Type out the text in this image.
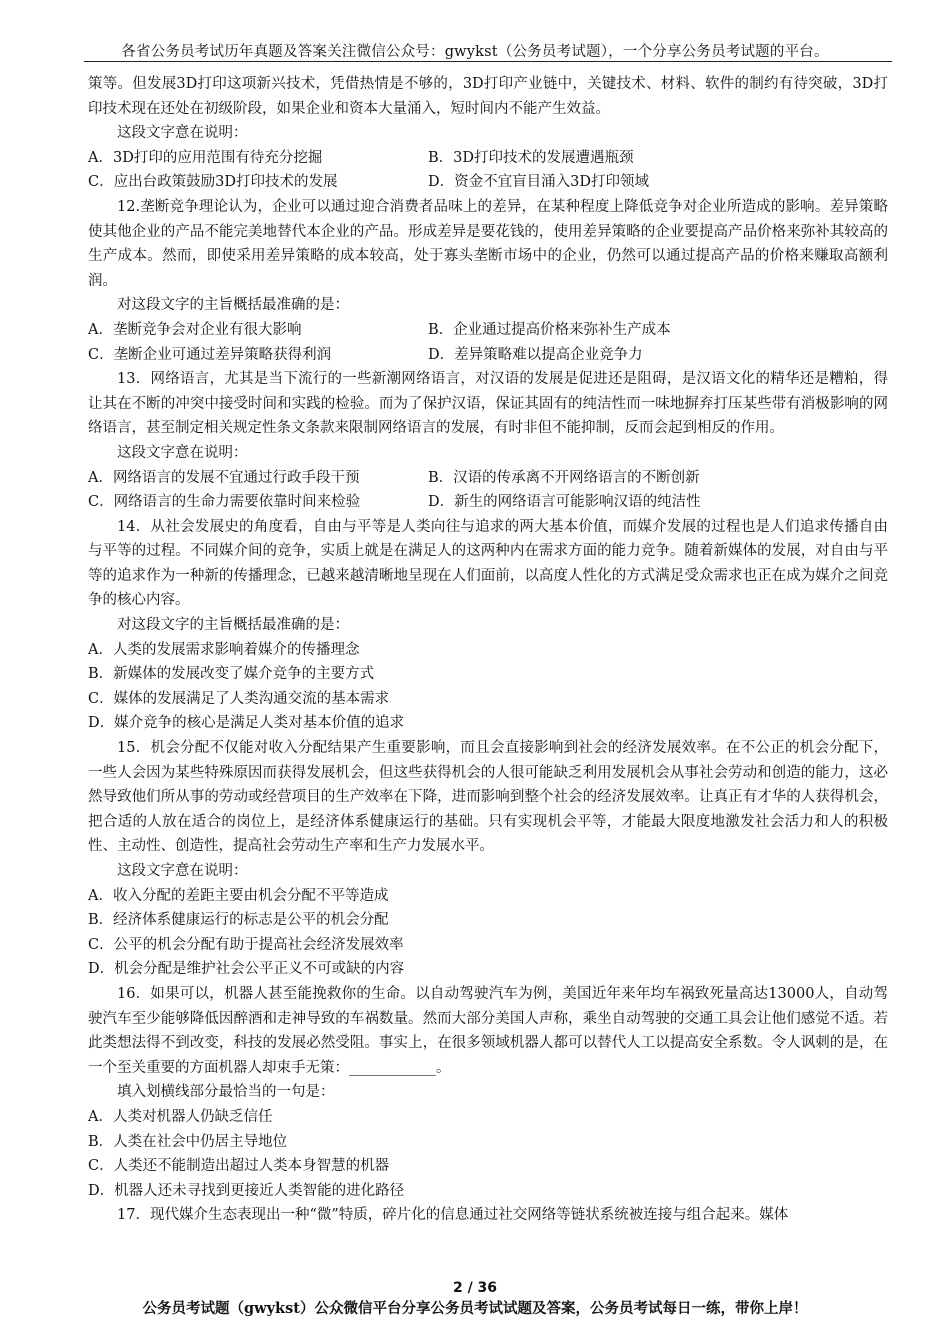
各省公务员考试历年真题及答案关注微信公众号：gwykst（公务员考试题），一个分享公务员考试题的平台。

策等。但发展3D打印这项新兴技术，凭借热情是不够的，3D打印产业链中，关键技术、材料、软件的制约有待突破，3D打印技术现在还处在初级阶段，如果企业和资本大量涌入，短时间内不能产生效益。

这段文字意在说明：

A．3D打印的应用范围有待充分挖掘	B．3D打印技术的发展遭遇瓶颈
C．应出台政策鼓励3D打印技术的发展	D．资金不宜盲目涌入3D打印领域

12.垄断竞争理论认为，企业可以通过迎合消费者品味上的差异，在某种程度上降低竞争对企业所造成的影响。差异策略使其他企业的产品不能完美地替代本企业的产品。形成差异是要花钱的，使用差异策略的企业要提高产品价格来弥补其较高的生产成本。然而，即使采用差异策略的成本较高，处于寡头垄断市场中的企业，仍然可以通过提高产品的价格来赚取高额利润。

对这段文字的主旨概括最准确的是：

A．垄断竞争会对企业有很大影响	B．企业通过提高价格来弥补生产成本
C．垄断企业可通过差异策略获得利润	D．差异策略难以提高企业竞争力

13．网络语言，尤其是当下流行的一些新潮网络语言，对汉语的发展是促进还是阻碍，是汉语文化的精华还是糟粕，得让其在不断的冲突中接受时间和实践的检验。而为了保护汉语，保证其固有的纯洁性而一味地摒弃打压某些带有消极影响的网络语言，甚至制定相关规定性条文条款来限制网络语言的发展，有时非但不能抑制，反而会起到相反的作用。

这段文字意在说明：

A．网络语言的发展不宜通过行政手段干预	B．汉语的传承离不开网络语言的不断创新
C．网络语言的生命力需要依靠时间来检验	D．新生的网络语言可能影响汉语的纯洁性

14．从社会发展史的角度看，自由与平等是人类向往与追求的两大基本价值，而媒介发展的过程也是人们追求传播自由与平等的过程。不同媒介间的竞争，实质上就是在满足人的这两种内在需求方面的能力竞争。随着新媒体的发展，对自由与平等的追求作为一种新的传播理念，已越来越清晰地呈现在人们面前，以高度人性化的方式满足受众需求也正在成为媒介之间竞争的核心内容。

对这段文字的主旨概括最准确的是：

A．人类的发展需求影响着媒介的传播理念

B．新媒体的发展改变了媒介竞争的主要方式

C．媒体的发展满足了人类沟通交流的基本需求

D．媒介竞争的核心是满足人类对基本价值的追求

15．机会分配不仅能对收入分配结果产生重要影响，而且会直接影响到社会的经济发展效率。在不公正的机会分配下，一些人会因为某些特殊原因而获得发展机会，但这些获得机会的人很可能缺乏利用发展机会从事社会劳动和创造的能力，这必然导致他们所从事的劳动或经营项目的生产效率在下降，进而影响到整个社会的经济发展效率。让真正有才华的人获得机会，把合适的人放在适合的岗位上，是经济体系健康运行的基础。只有实现机会平等，才能最大限度地激发社会活力和人的积极性、主动性、创造性，提高社会劳动生产率和生产力发展水平。

这段文字意在说明：

A．收入分配的差距主要由机会分配不平等造成

B．经济体系健康运行的标志是公平的机会分配

C．公平的机会分配有助于提高社会经济发展效率

D．机会分配是维护社会公平正义不可或缺的内容

16．如果可以，机器人甚至能挽救你的生命。以自动驾驶汽车为例，美国近年来年均车祸致死量高达13000人，自动驾驶汽车至少能够降低因醉酒和走神导致的车祸数量。然而大部分美国人声称，乘坐自动驾驶的交通工具会让他们感觉不适。若此类想法得不到改变，科技的发展必然受阻。事实上，在很多领域机器人都可以替代人工以提高安全系数。令人讽刺的是，在一个至关重要的方面机器人却束手无策：____________。

填入划横线部分最恰当的一句是：

A．人类对机器人仍缺乏信任

B．人类在社会中仍居主导地位

C．人类还不能制造出超过人类本身智慧的机器

D．机器人还未寻找到更接近人类智能的进化路径

17．现代媒介生态表现出一种“微”特质，碎片化的信息通过社交网络等链状系统被连接与组合起来。媒体

2 / 36
公务员考试题（gwykst）公众微信平台分享公务员考试试题及答案，公务员考试每日一练，带你上岸！
